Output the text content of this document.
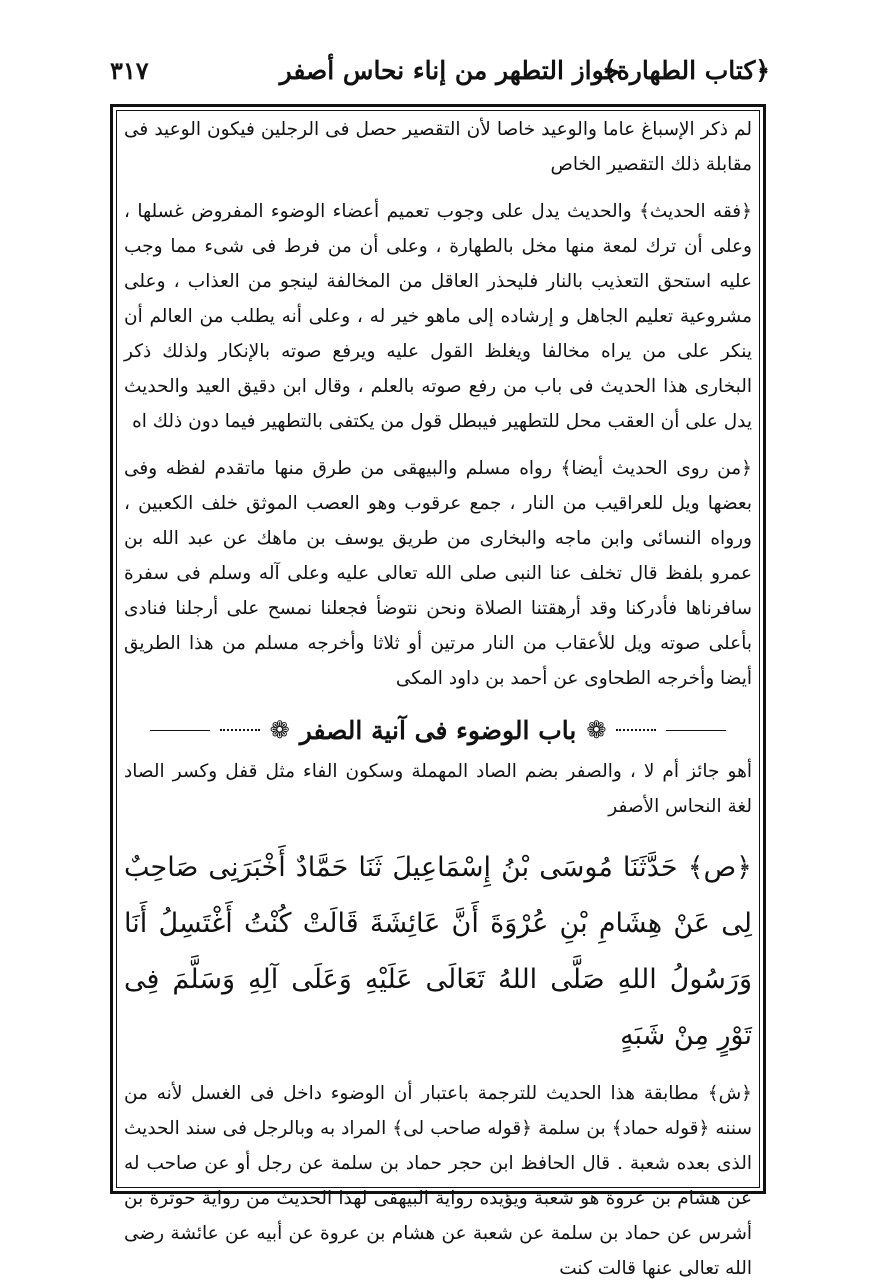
﴿كتاب الطهارة﴾
جواز التطهر من إناء نحاس أصفر
٣١٧

لم ذكر الإسباغ عاما والوعيد خاصا لأن التقصير حصل فى الرجلين فيكون الوعيد فى مقابلة ذلك التقصير الخاص

﴿فقه الحديث﴾ والحديث يدل على وجوب تعميم أعضاء الوضوء المفروض غسلها ، وعلى أن ترك لمعة منها مخل بالطهارة ، وعلى أن من فرط فى شىء مما وجب عليه استحق التعذيب بالنار فليحذر العاقل من المخالفة لينجو من العذاب ، وعلى مشروعية تعليم الجاهل و إرشاده إلى ماهو خير له ، وعلى أنه يطلب من العالم أن ينكر على من يراه مخالفا ويغلظ القول عليه ويرفع صوته بالإنكار ولذلك ذكر البخارى هذا الحديث فى باب من رفع صوته بالعلم ، وقال ابن دقيق العيد والحديث يدل على أن العقب محل للتطهير فيبطل قول من يكتفى بالتطهير فيما دون ذلك اه

﴿من روى الحديث أيضا﴾ رواه مسلم والبيهقى من طرق منها ماتقدم لفظه وفى بعضها ويل للعراقيب من النار ، جمع عرقوب وهو العصب الموثق خلف الكعبين ، ورواه النسائى وابن ماجه والبخارى من طريق يوسف بن ماهك عن عبد الله بن عمرو بلفظ قال تخلف عنا النبى صلى الله تعالى عليه وعلى آله وسلم فى سفرة سافرناها فأدركنا وقد أرهقتنا الصلاة ونحن نتوضأ فجعلنا نمسح على أرجلنا فنادى بأعلى صوته ويل للأعقاب من النار مرتين أو ثلاثا وأخرجه مسلم من هذا الطريق أيضا وأخرجه الطحاوى عن أحمد بن داود المكى

❁
باب الوضوء فى آنية الصفر
❁

أهو جائز أم لا ، والصفر بضم الصاد المهملة وسكون الفاء مثل قفل وكسر الصاد لغة النحاس الأصفر

﴿ص﴾ حَدَّثَنَا مُوسَى بْنُ إِسْمَاعِيلَ ثَنَا حَمَّادٌ أَخْبَرَنِى صَاحِبٌ لِى عَنْ هِشَامِ بْنِ عُرْوَةَ أَنَّ عَائِشَةَ قَالَتْ كُنْتُ أَغْتَسِلُ أَنَا وَرَسُولُ اللهِ صَلَّى اللهُ تَعَالَى عَلَيْهِ وَعَلَى آلِهِ وَسَلَّمَ فِى تَوْرٍ مِنْ شَبَهٍ

﴿ش﴾ مطابقة هذا الحديث للترجمة باعتبار أن الوضوء داخل فى الغسل لأنه من سننه ﴿قوله حماد﴾ بن سلمة ﴿قوله صاحب لى﴾ المراد به وبالرجل فى سند الحديث الذى بعده شعبة . قال الحافظ ابن حجر حماد بن سلمة عن رجل أو عن صاحب له عن هشام بن عروة هو شعبة ويؤيده رواية البيهقى لهذا الحديث من رواية حوثرة بن أشرس عن حماد بن سلمة عن شعبة عن هشام بن عروة عن أبيه عن عائشة رضى الله تعالى عنها قالت كنت
